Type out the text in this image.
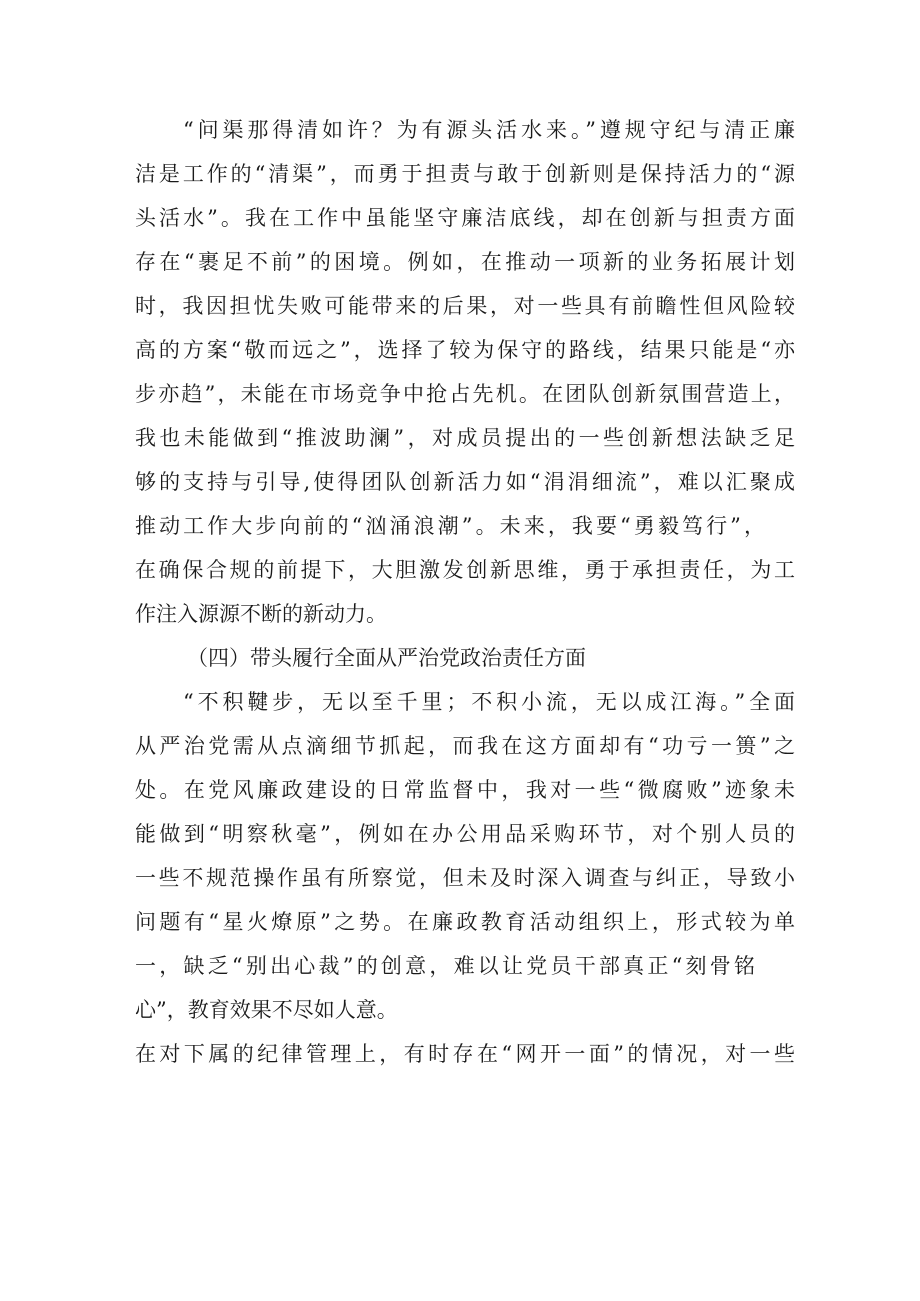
“问渠那得清如许？为有源头活水来。”遵规守纪与清正廉
洁是工作的“清渠”，而勇于担责与敢于创新则是保持活力的“源
头活水”。我在工作中虽能坚守廉洁底线，却在创新与担责方面
存在“裹足不前”的困境。例如，在推动一项新的业务拓展计划
时，我因担忧失败可能带来的后果，对一些具有前瞻性但风险较
高的方案“敬而远之”，选择了较为保守的路线，结果只能是“亦
步亦趋”，未能在市场竞争中抢占先机。在团队创新氛围营造上，
我也未能做到“推波助澜”，对成员提出的一些创新想法缺乏足
够的支持与引导,使得团队创新活力如“涓涓细流”，难以汇聚成
推动工作大步向前的“汹涌浪潮”。未来，我要“勇毅笃行”，
在确保合规的前提下，大胆激发创新思维，勇于承担责任，为工
作注入源源不断的新动力。
（四）带头履行全面从严治党政治责任方面
“不积鞬步，无以至千里；不积小流，无以成江海。”全面
从严治党需从点滴细节抓起，而我在这方面却有“功亏一篑”之
处。在党风廉政建设的日常监督中，我对一些“微腐败”迹象未
能做到“明察秋毫”，例如在办公用品采购环节，对个别人员的
一些不规范操作虽有所察觉，但未及时深入调查与纠正，导致小
问题有“星火燎原”之势。在廉政教育活动组织上，形式较为单
一，缺乏“别出心裁”的创意，难以让党员干部真正“刻骨铭
心”，教育效果不尽如人意。
在对下属的纪律管理上，有时存在“网开一面”的情况，对一些
